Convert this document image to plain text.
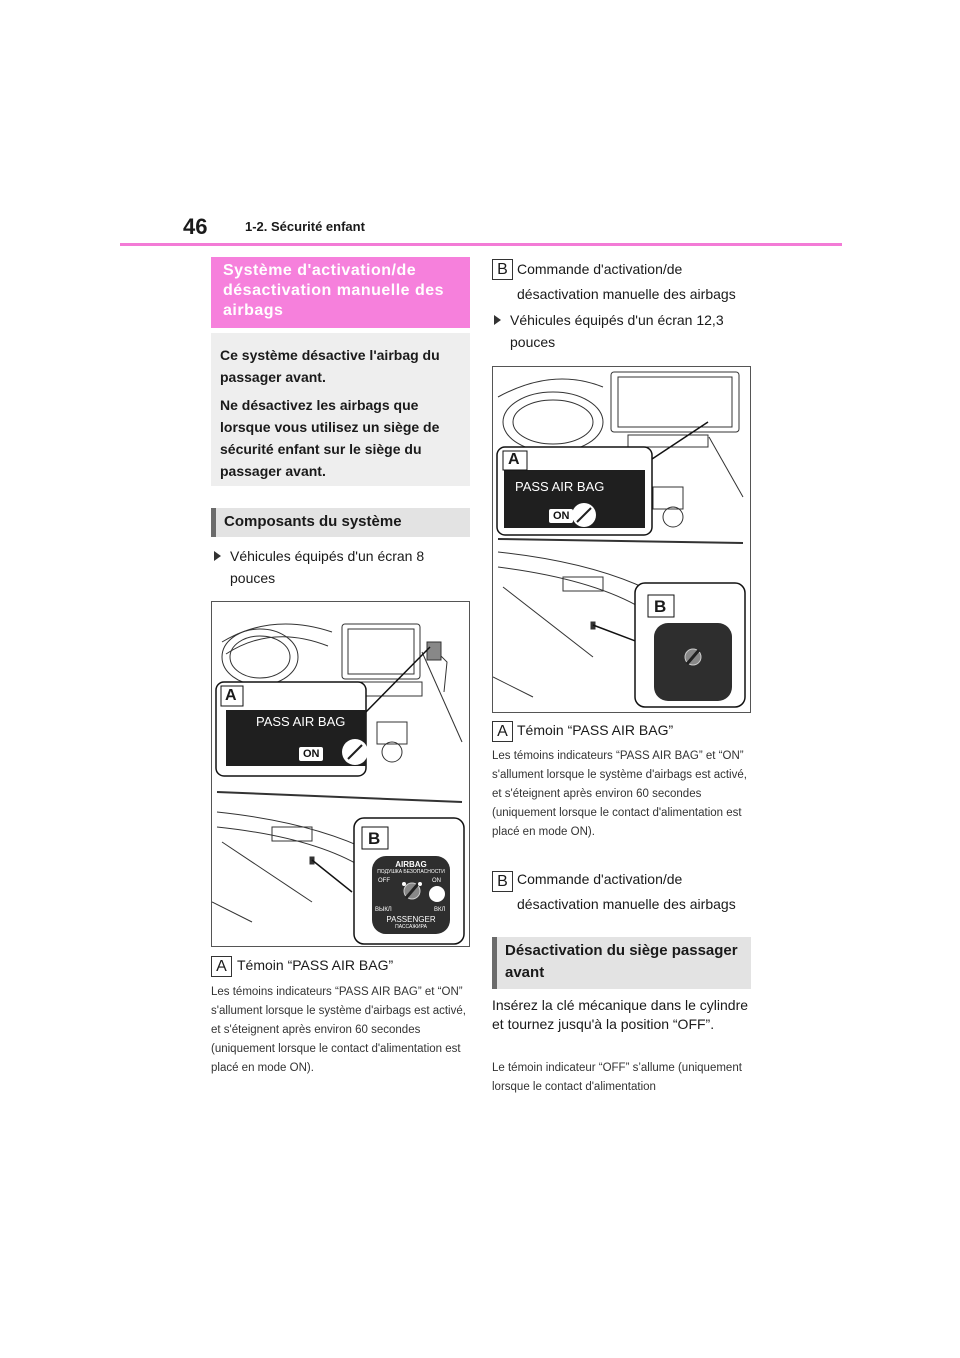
46	1-2. Sécurité enfant
Système d'activation/de désactivation manuelle des airbags

Ce système désactive l'airbag du passager avant.

Ne désactivez les airbags que lorsque vous utilisez un siège de sécurité enfant sur le siège du passager avant.

Composants du système
Véhicules équipés d'un écran 8 pouces
A
B
PASS AIR BAG
ON
AIRBAG
ПОДУШКА БЕЗОПАСНОСТИ
OFF	ON
ВЫКЛ	ВКЛ
PASSENGER
ПАССАЖИРА
A Témoin “PASS AIR BAG”
Les témoins indicateurs “PASS AIR BAG” et “ON” s'allument lorsque le système d'airbags est activé, et s'éteignent après environ 60 secondes (uniquement lorsque le contact d'alimentation est placé en mode ON).
B Commande d'activation/de désactivation manuelle des airbags
Véhicules équipés d'un écran 12,3 pouces
A
B
PASS AIR BAG
ON
A Témoin “PASS AIR BAG”
Les témoins indicateurs “PASS AIR BAG” et “ON” s'allument lorsque le système d'airbags est activé, et s'éteignent après environ 60 secondes (uniquement lorsque le contact d'alimentation est placé en mode ON).
B Commande d'activation/de désactivation manuelle des airbags
Désactivation du siège passager avant
Insérez la clé mécanique dans le cylindre et tournez jusqu'à la position “OFF”.
Le témoin indicateur “OFF” s’allume (uniquement lorsque le contact d'alimentation
